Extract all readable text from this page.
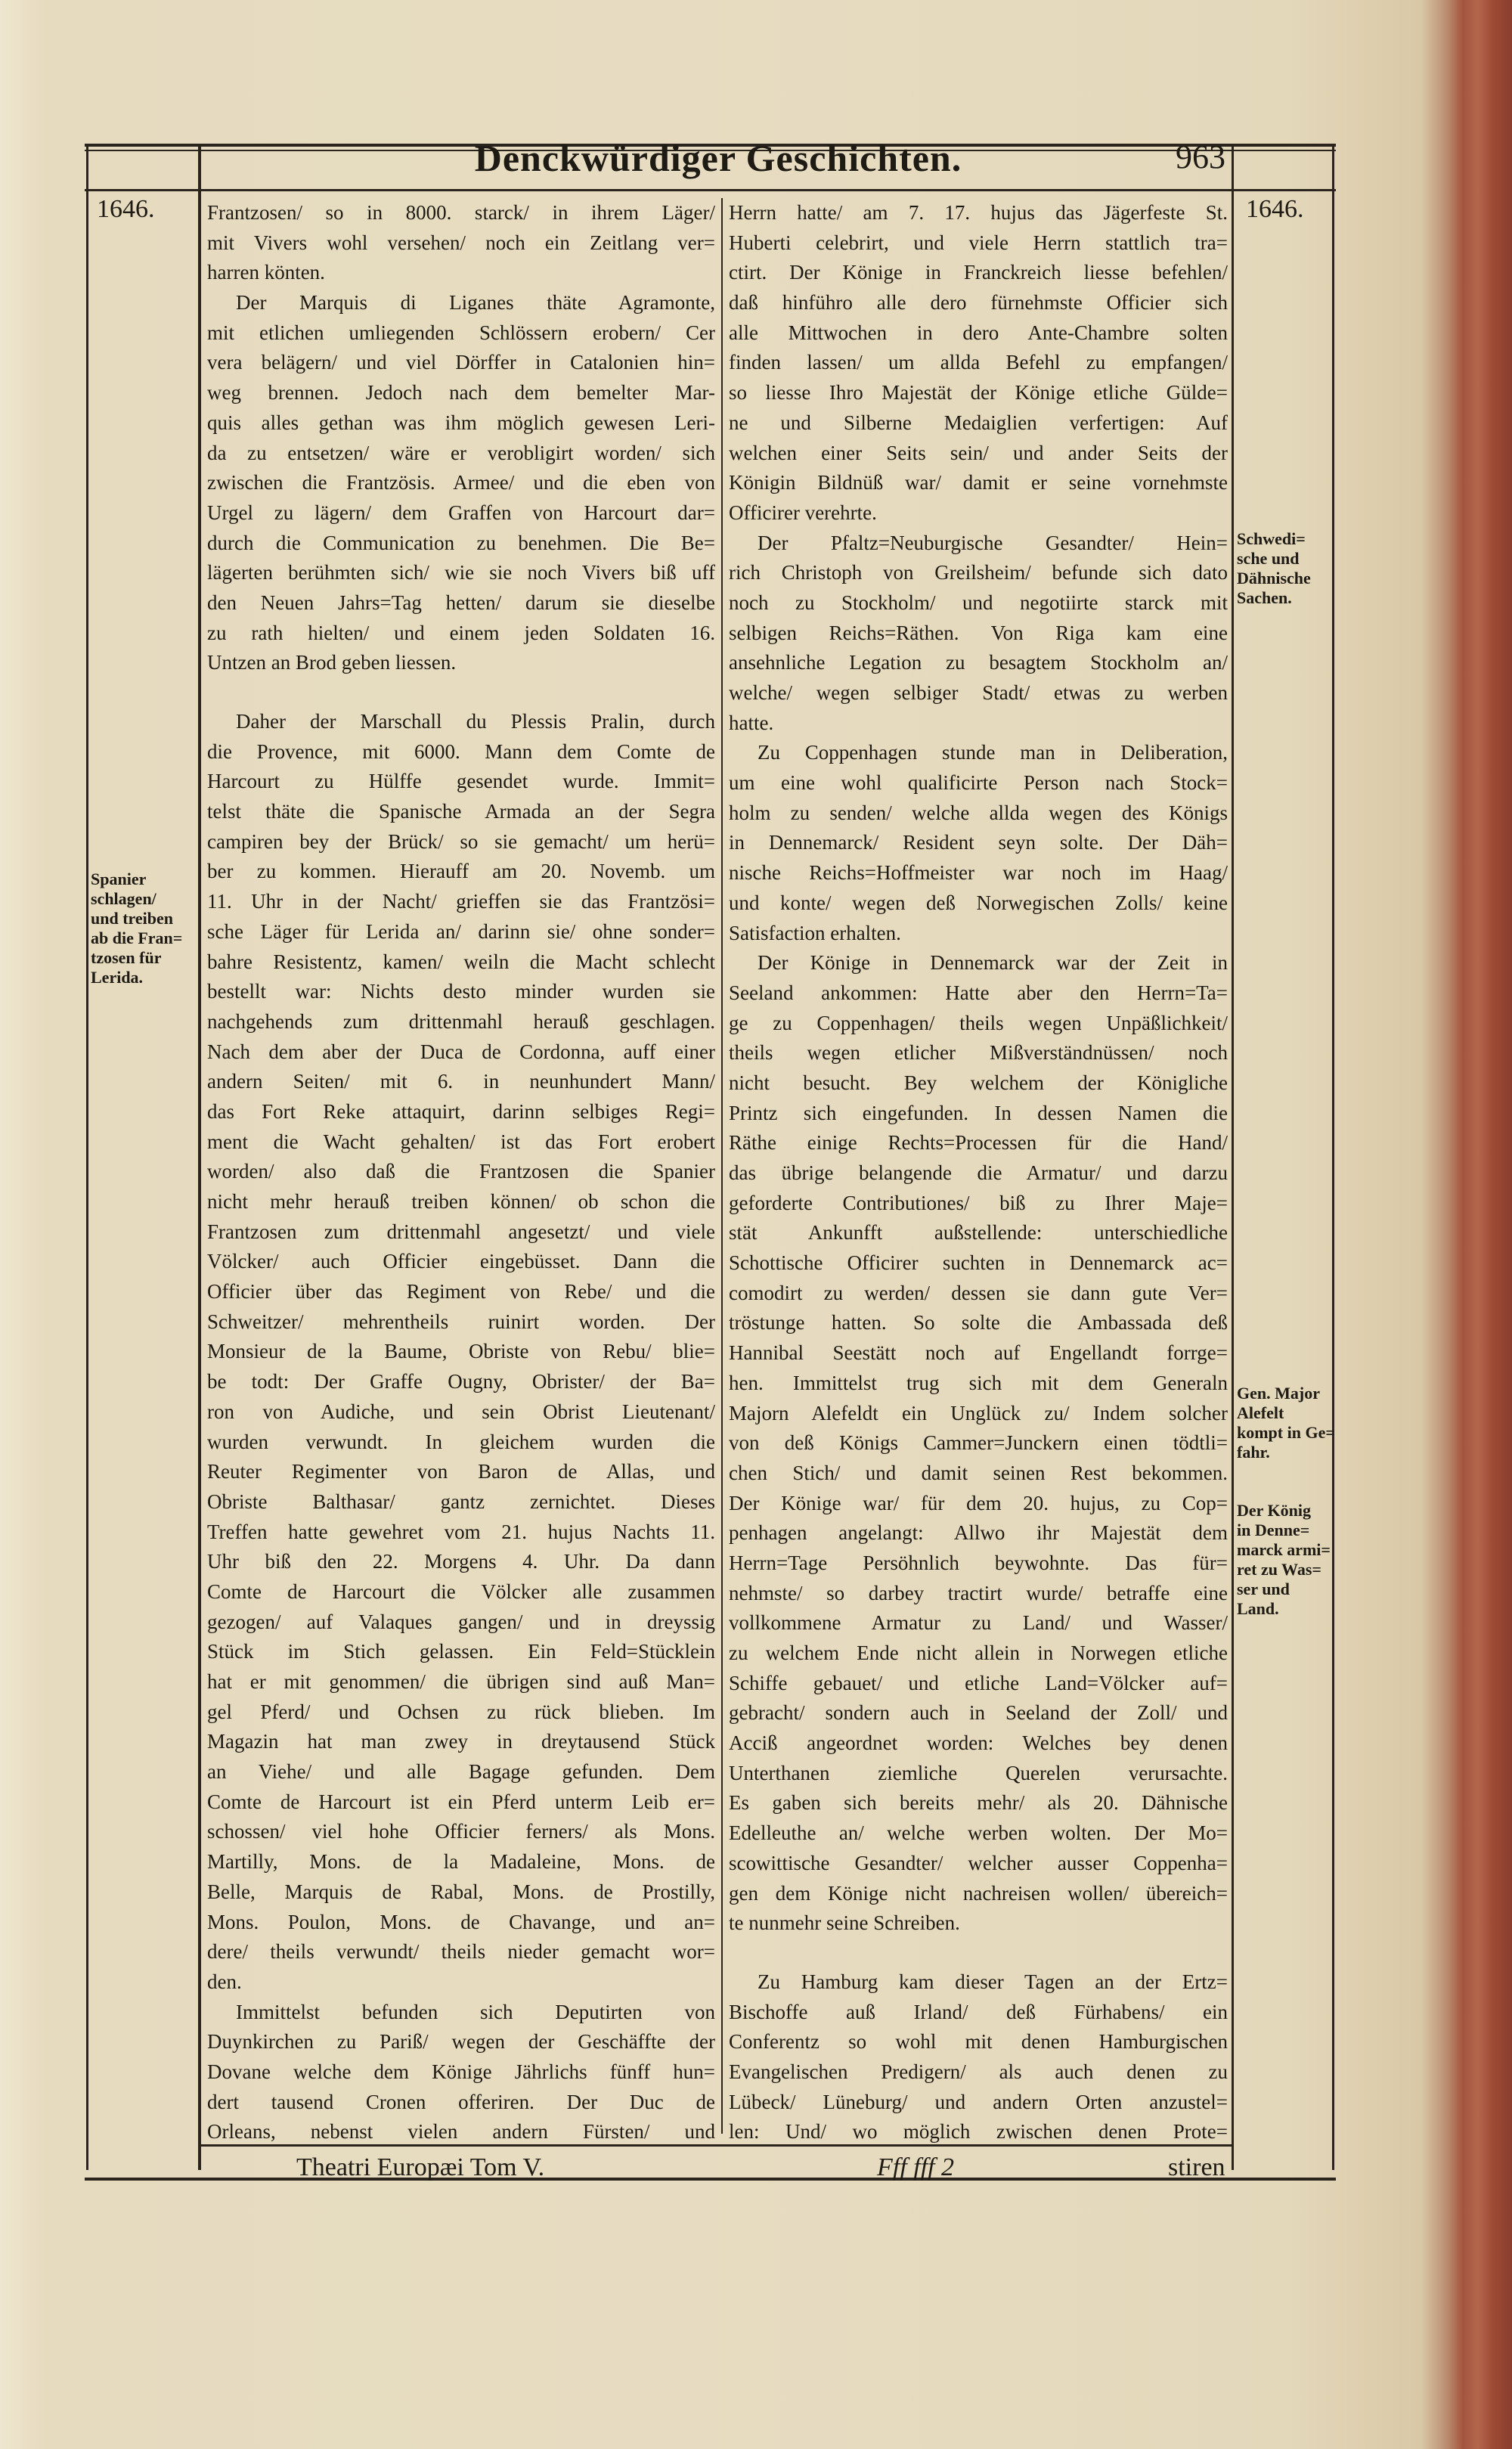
Denckwürdiger Geschichten.	963
1646.	1646.
Spanier
schlagen/
und treiben
ab die Fran=
tzosen für
Lerida.
Schwedi=
sche und
Dähnische
Sachen.
Gen. Major
Alefelt
kompt in Ge=
fahr.
Der König
in Denne=
marck armi=
ret zu Was=
ser und
Land.
Frantzosen/ so in 8000. starck/ in ihrem Läger/
mit Vivers wohl versehen/ noch ein Zeitlang ver=
harren könten.
Der Marquis di Liganes thäte Agramonte,
mit etlichen umliegenden Schlössern erobern/ Cer
vera belägern/ und viel Dörffer in Catalonien hin=
weg brennen. Jedoch nach dem bemelter Mar-
quis alles gethan was ihm möglich gewesen Leri-
da zu entsetzen/ wäre er verobligirt worden/ sich
zwischen die Frantzösis. Armee/ und die eben von
Urgel zu lägern/ dem Graffen von Harcourt dar=
durch die Communication zu benehmen. Die Be=
lägerten berühmten sich/ wie sie noch Vivers biß uff
den Neuen Jahrs=Tag hetten/ darum sie dieselbe
zu rath hielten/ und einem jeden Soldaten 16.
Untzen an Brod geben liessen.
Daher der Marschall du Plessis Pralin, durch
die Provence, mit 6000. Mann dem Comte de
Harcourt zu Hülffe gesendet wurde. Immit=
telst thäte die Spanische Armada an der Segra
campiren bey der Brück/ so sie gemacht/ um herü=
ber zu kommen. Hierauff am 20. Novemb. um
11. Uhr in der Nacht/ grieffen sie das Frantzösi=
sche Läger für Lerida an/ darinn sie/ ohne sonder=
bahre Resistentz, kamen/ weiln die Macht schlecht
bestellt war: Nichts desto minder wurden sie
nachgehends zum drittenmahl herauß geschlagen.
Nach dem aber der Duca de Cordonna, auff einer
andern Seiten/ mit 6. in neunhundert Mann/
das Fort Reke attaquirt, darinn selbiges Regi=
ment die Wacht gehalten/ ist das Fort erobert
worden/ also daß die Frantzosen die Spanier
nicht mehr herauß treiben können/ ob schon die
Frantzosen zum drittenmahl angesetzt/ und viele
Völcker/ auch Officier eingebüsset. Dann die
Officier über das Regiment von Rebe/ und die
Schweitzer/ mehrentheils ruinirt worden. Der
Monsieur de la Baume, Obriste von Rebu/ blie=
be todt: Der Graffe Ougny, Obrister/ der Ba=
ron von Audiche, und sein Obrist Lieutenant/
wurden verwundt. In gleichem wurden die
Reuter Regimenter von Baron de Allas, und
Obriste Balthasar/ gantz zernichtet. Dieses
Treffen hatte gewehret vom 21. hujus Nachts 11.
Uhr biß den 22. Morgens 4. Uhr. Da dann
Comte de Harcourt die Völcker alle zusammen
gezogen/ auf Valaques gangen/ und in dreyssig
Stück im Stich gelassen. Ein Feld=Stücklein
hat er mit genommen/ die übrigen sind auß Man=
gel Pferd/ und Ochsen zu rück blieben. Im
Magazin hat man zwey in dreytausend Stück
an Viehe/ und alle Bagage gefunden. Dem
Comte de Harcourt ist ein Pferd unterm Leib er=
schossen/ viel hohe Officier ferners/ als Mons.
Martilly, Mons. de la Madaleine, Mons. de
Belle, Marquis de Rabal, Mons. de Prostilly,
Mons. Poulon, Mons. de Chavange, und an=
dere/ theils verwundt/ theils nieder gemacht wor=
den.
Immittelst befunden sich Deputirten von
Duynkirchen zu Pariß/ wegen der Geschäffte der
Dovane welche dem Könige Jährlichs fünff hun=
dert tausend Cronen offeriren. Der Duc de
Orleans, nebenst vielen andern Fürsten/ und
Herrn hatte/ am 7. 17. hujus das Jägerfeste St.
Huberti celebrirt, und viele Herrn stattlich tra=
ctirt. Der Könige in Franckreich liesse befehlen/
daß hinführo alle dero fürnehmste Officier sich
alle Mittwochen in dero Ante-Chambre solten
finden lassen/ um allda Befehl zu empfangen/
so liesse Ihro Majestät der Könige etliche Gülde=
ne und Silberne Medaiglien verfertigen: Auf
welchen einer Seits sein/ und ander Seits der
Königin Bildnüß war/ damit er seine vornehmste
Officirer verehrte.
Der Pfaltz=Neuburgische Gesandter/ Hein=
rich Christoph von Greilsheim/ befunde sich dato
noch zu Stockholm/ und negotiirte starck mit
selbigen Reichs=Räthen. Von Riga kam eine
ansehnliche Legation zu besagtem Stockholm an/
welche/ wegen selbiger Stadt/ etwas zu werben
hatte.
Zu Coppenhagen stunde man in Deliberation,
um eine wohl qualificirte Person nach Stock=
holm zu senden/ welche allda wegen des Königs
in Dennemarck/ Resident seyn solte. Der Däh=
nische Reichs=Hoffmeister war noch im Haag/
und konte/ wegen deß Norwegischen Zolls/ keine
Satisfaction erhalten.
Der Könige in Dennemarck war der Zeit in
Seeland ankommen: Hatte aber den Herrn=Ta=
ge zu Coppenhagen/ theils wegen Unpäßlichkeit/
theils wegen etlicher Mißverständnüssen/ noch
nicht besucht. Bey welchem der Königliche
Printz sich eingefunden. In dessen Namen die
Räthe einige Rechts=Processen für die Hand/
das übrige belangende die Armatur/ und darzu
geforderte Contributiones/ biß zu Ihrer Maje=
stät Ankunfft außstellende: unterschiedliche
Schottische Officirer suchten in Dennemarck ac=
comodirt zu werden/ dessen sie dann gute Ver=
tröstunge hatten. So solte die Ambassada deß
Hannibal Seestätt noch auf Engellandt forrge=
hen. Immittelst trug sich mit dem Generaln
Majorn Alefeldt ein Unglück zu/ Indem solcher
von deß Königs Cammer=Junckern einen tödtli=
chen Stich/ und damit seinen Rest bekommen.
Der Könige war/ für dem 20. hujus, zu Cop=
penhagen angelangt: Allwo ihr Majestät dem
Herrn=Tage Persöhnlich beywohnte. Das für=
nehmste/ so darbey tractirt wurde/ betraffe eine
vollkommene Armatur zu Land/ und Wasser/
zu welchem Ende nicht allein in Norwegen etliche
Schiffe gebauet/ und etliche Land=Völcker auf=
gebracht/ sondern auch in Seeland der Zoll/ und
Acciß angeordnet worden: Welches bey denen
Unterthanen ziemliche Querelen verursachte.
Es gaben sich bereits mehr/ als 20. Dähnische
Edelleuthe an/ welche werben wolten. Der Mo=
scowittische Gesandter/ welcher ausser Coppenha=
gen dem Könige nicht nachreisen wollen/ übereich=
te nunmehr seine Schreiben.
Zu Hamburg kam dieser Tagen an der Ertz=
Bischoffe auß Irland/ deß Fürhabens/ ein
Conferentz so wohl mit denen Hamburgischen
Evangelischen Predigern/ als auch denen zu
Lübeck/ Lüneburg/ und andern Orten anzustel=
len: Und/ wo möglich zwischen denen Prote=
Theatri Europæi Tom V.	Fff fff 2	stiren
